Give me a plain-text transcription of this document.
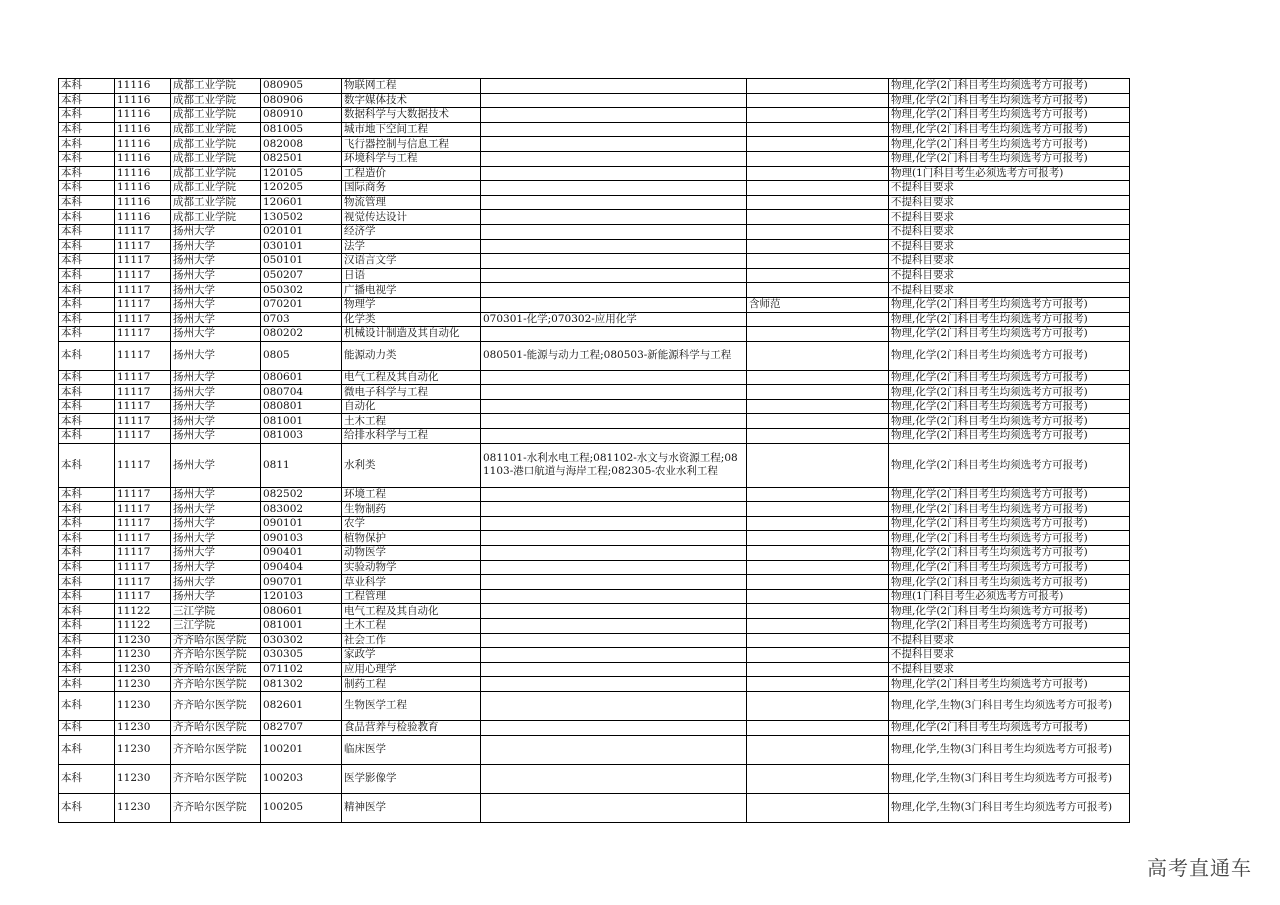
本科	11116	成都工业学院	080905	物联网工程			物理,化学(2门科目考生均须选考方可报考)
本科	11116	成都工业学院	080906	数字媒体技术			物理,化学(2门科目考生均须选考方可报考)
本科	11116	成都工业学院	080910	数据科学与大数据技术			物理,化学(2门科目考生均须选考方可报考)
本科	11116	成都工业学院	081005	城市地下空间工程			物理,化学(2门科目考生均须选考方可报考)
本科	11116	成都工业学院	082008	飞行器控制与信息工程			物理,化学(2门科目考生均须选考方可报考)
本科	11116	成都工业学院	082501	环境科学与工程			物理,化学(2门科目考生均须选考方可报考)
本科	11116	成都工业学院	120105	工程造价			物理(1门科目考生必须选考方可报考)
本科	11116	成都工业学院	120205	国际商务			不提科目要求
本科	11116	成都工业学院	120601	物流管理			不提科目要求
本科	11116	成都工业学院	130502	视觉传达设计			不提科目要求
本科	11117	扬州大学	020101	经济学			不提科目要求
本科	11117	扬州大学	030101	法学			不提科目要求
本科	11117	扬州大学	050101	汉语言文学			不提科目要求
本科	11117	扬州大学	050207	日语			不提科目要求
本科	11117	扬州大学	050302	广播电视学			不提科目要求
本科	11117	扬州大学	070201	物理学		含师范	物理,化学(2门科目考生均须选考方可报考)
本科	11117	扬州大学	0703	化学类	070301-化学;070302-应用化学		物理,化学(2门科目考生均须选考方可报考)
本科	11117	扬州大学	080202	机械设计制造及其自动化			物理,化学(2门科目考生均须选考方可报考)
本科	11117	扬州大学	0805	能源动力类	080501-能源与动力工程;080503-新能源科学与工程		物理,化学(2门科目考生均须选考方可报考)
本科	11117	扬州大学	080601	电气工程及其自动化			物理,化学(2门科目考生均须选考方可报考)
本科	11117	扬州大学	080704	微电子科学与工程			物理,化学(2门科目考生均须选考方可报考)
本科	11117	扬州大学	080801	自动化			物理,化学(2门科目考生均须选考方可报考)
本科	11117	扬州大学	081001	土木工程			物理,化学(2门科目考生均须选考方可报考)
本科	11117	扬州大学	081003	给排水科学与工程			物理,化学(2门科目考生均须选考方可报考)
本科	11117	扬州大学	0811	水利类	081101-水利水电工程;081102-水文与水资源工程;081103-港口航道与海岸工程;082305-农业水利工程		物理,化学(2门科目考生均须选考方可报考)
本科	11117	扬州大学	082502	环境工程			物理,化学(2门科目考生均须选考方可报考)
本科	11117	扬州大学	083002	生物制药			物理,化学(2门科目考生均须选考方可报考)
本科	11117	扬州大学	090101	农学			物理,化学(2门科目考生均须选考方可报考)
本科	11117	扬州大学	090103	植物保护			物理,化学(2门科目考生均须选考方可报考)
本科	11117	扬州大学	090401	动物医学			物理,化学(2门科目考生均须选考方可报考)
本科	11117	扬州大学	090404	实验动物学			物理,化学(2门科目考生均须选考方可报考)
本科	11117	扬州大学	090701	草业科学			物理,化学(2门科目考生均须选考方可报考)
本科	11117	扬州大学	120103	工程管理			物理(1门科目考生必须选考方可报考)
本科	11122	三江学院	080601	电气工程及其自动化			物理,化学(2门科目考生均须选考方可报考)
本科	11122	三江学院	081001	土木工程			物理,化学(2门科目考生均须选考方可报考)
本科	11230	齐齐哈尔医学院	030302	社会工作			不提科目要求
本科	11230	齐齐哈尔医学院	030305	家政学			不提科目要求
本科	11230	齐齐哈尔医学院	071102	应用心理学			不提科目要求
本科	11230	齐齐哈尔医学院	081302	制药工程			物理,化学(2门科目考生均须选考方可报考)
本科	11230	齐齐哈尔医学院	082601	生物医学工程			物理,化学,生物(3门科目考生均须选考方可报考)
本科	11230	齐齐哈尔医学院	082707	食品营养与检验教育			物理,化学(2门科目考生均须选考方可报考)
本科	11230	齐齐哈尔医学院	100201	临床医学			物理,化学,生物(3门科目考生均须选考方可报考)
本科	11230	齐齐哈尔医学院	100203	医学影像学			物理,化学,生物(3门科目考生均须选考方可报考)
本科	11230	齐齐哈尔医学院	100205	精神医学			物理,化学,生物(3门科目考生均须选考方可报考)
高考直通车
